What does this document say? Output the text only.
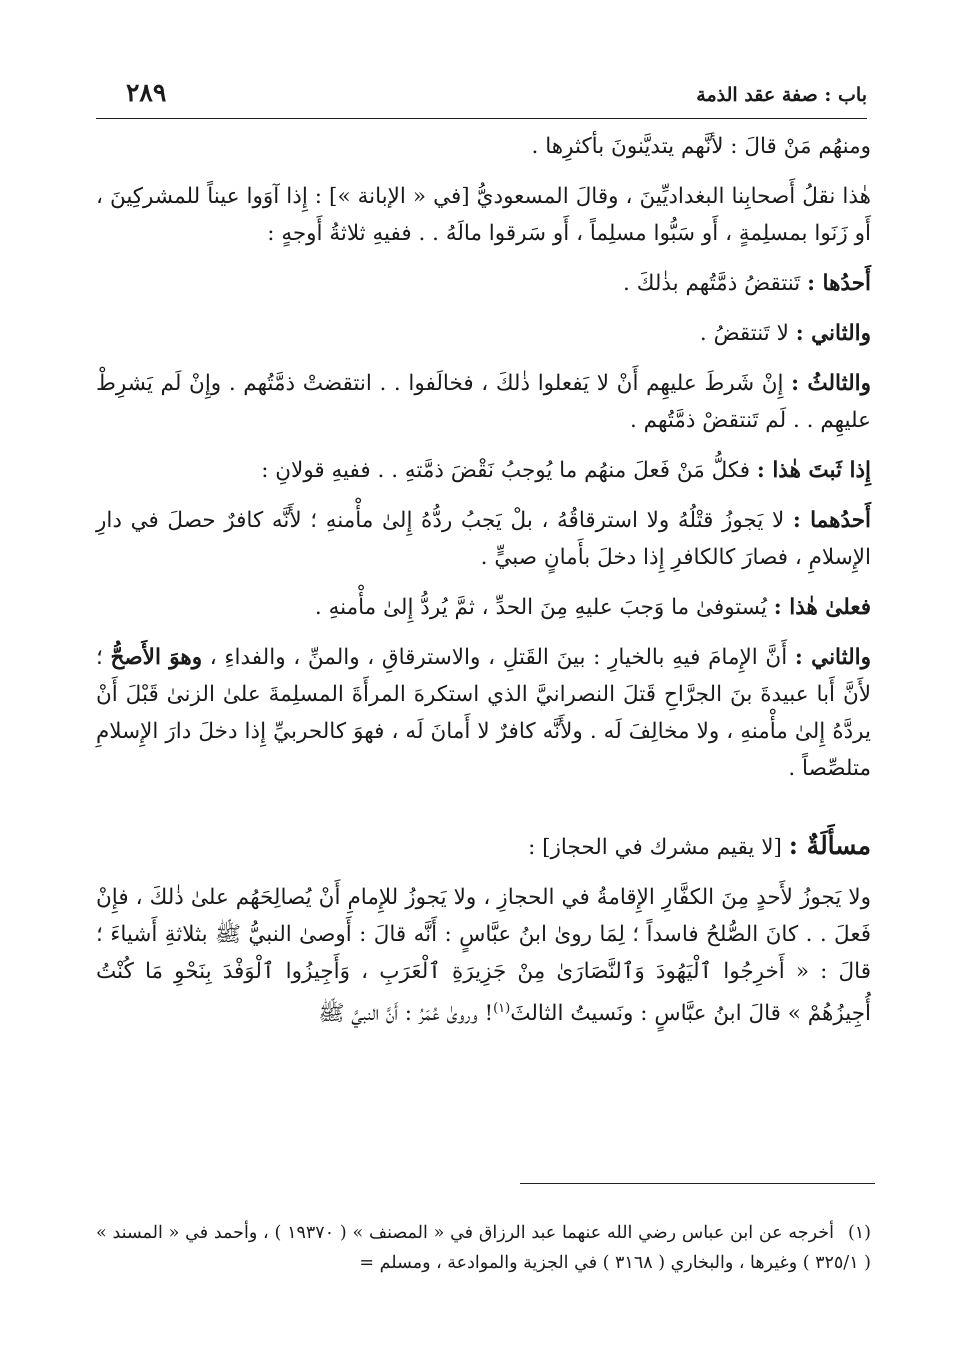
باب : صفة عقد الذمة
٢٨٩

ومنهُم مَنْ قالَ : لأنَّهم يتديَّنونَ بأكثرِها .

هٰذا نقلُ أَصحابِنا البغداديِّينَ ، وقالَ المسعوديُّ [في « الإبانة »] : إِذا آوَوا عيناً للمشركِينَ ، أَو زَنَوا بمسلِمةٍ ، أَو سَبُّوا مسلِماً ، أَو سَرقوا مالَهُ . . ففيهِ ثلاثةُ أَوجهٍ :

أَحدُها : تَنتقضُ ذمَّتُهم بذٰلكَ .

والثاني : لا تَنتقضُ .

والثالثُ : إِنْ شَرطَ عليهِم أَنْ لا يَفعلوا ذٰلكَ ، فخالَفوا . . انتقضتْ ذمَّتُهم . وإِنْ لَم يَشرِطْ عليهِم . . لَم تَنتقضْ ذمَّتُهم .

إِذا ثَبتَ هٰذا : فكلُّ مَنْ فَعلَ منهُم ما يُوجبُ نَقْضَ ذمَّتهِ . . ففيهِ قولانِ :

أَحدُهما : لا يَجوزُ قتْلُهُ ولا استرقاقُهُ ، بلْ يَجبُ ردُّهُ إِلىٰ مأْمنهِ ؛ لأَنَّه كافرٌ حصلَ في دارِ الإِسلامِ ، فصارَ كالكافرِ إِذا دخلَ بأَمانٍ صبيٍّ .

فعلىٰ هٰذا : يُستوفىٰ ما وَجبَ عليهِ مِنَ الحدِّ ، ثمَّ يُردُّ إِلىٰ مأْمنهِ .

والثاني : أَنَّ الإِمامَ فيهِ بالخيارِ : بينَ القَتلِ ، والاسترقاقِ ، والمنِّ ، والفداءِ ، وهوَ الأَصحُّ ؛ لأَنَّ أَبا عبيدةَ بنَ الجرَّاحِ قَتلَ النصرانيَّ الذي استكرهَ المرأَةَ المسلِمةَ علىٰ الزنىٰ قَبْلَ أَنْ يردَّهُ إِلىٰ مأْمنهِ ، ولا مخالِفَ لَه . ولأَنَّه كافرٌ لا أَمانَ لَه ، فهوَ كالحربيِّ إِذا دخلَ دارَ الإِسلامِ متلصِّصاً .

مسأَلَةٌ : [لا يقيم مشرك في الحجاز] :

ولا يَجوزُ لأَحدٍ مِنَ الكفَّارِ الإِقامةُ في الحجازِ ، ولا يَجوزُ للإِمامِ أَنْ يُصالِحَهُم علىٰ ذٰلكَ ، فإِنْ فَعلَ . . كانَ الصُّلحُ فاسداً ؛ لِمَا روىٰ ابنُ عبَّاسٍ : أَنَّه قالَ : أَوصىٰ النبيُّ ﷺ بثلاثةِ أَشياءَ ؛ قالَ : « أَخرِجُوا ٱلْيَهُودَ وَٱلنَّصَارَىٰ مِنْ جَزِيرَةِ ٱلْعَرَبِ ، وَأَجِيزُوا ٱلْوَفْدَ بِنَحْوِ مَا كُنْتُ أُجِيزُهُمْ » قالَ ابنُ عبَّاسٍ : ونَسيتُ الثالثَ$^{(١)}$! وروىٰ عُمَرُ : أَنَّ النبيَّ ﷺ

(١)أخرجه عن ابن عباس رضي الله عنهما عبد الرزاق في « المصنف » ( ١٩٣٧٠ ) ، وأحمد في « المسند » ( ٣٢٥/١ ) وغيرها ، والبخاري ( ٣١٦٨ ) في الجزية والموادعة ، ومسلم =
